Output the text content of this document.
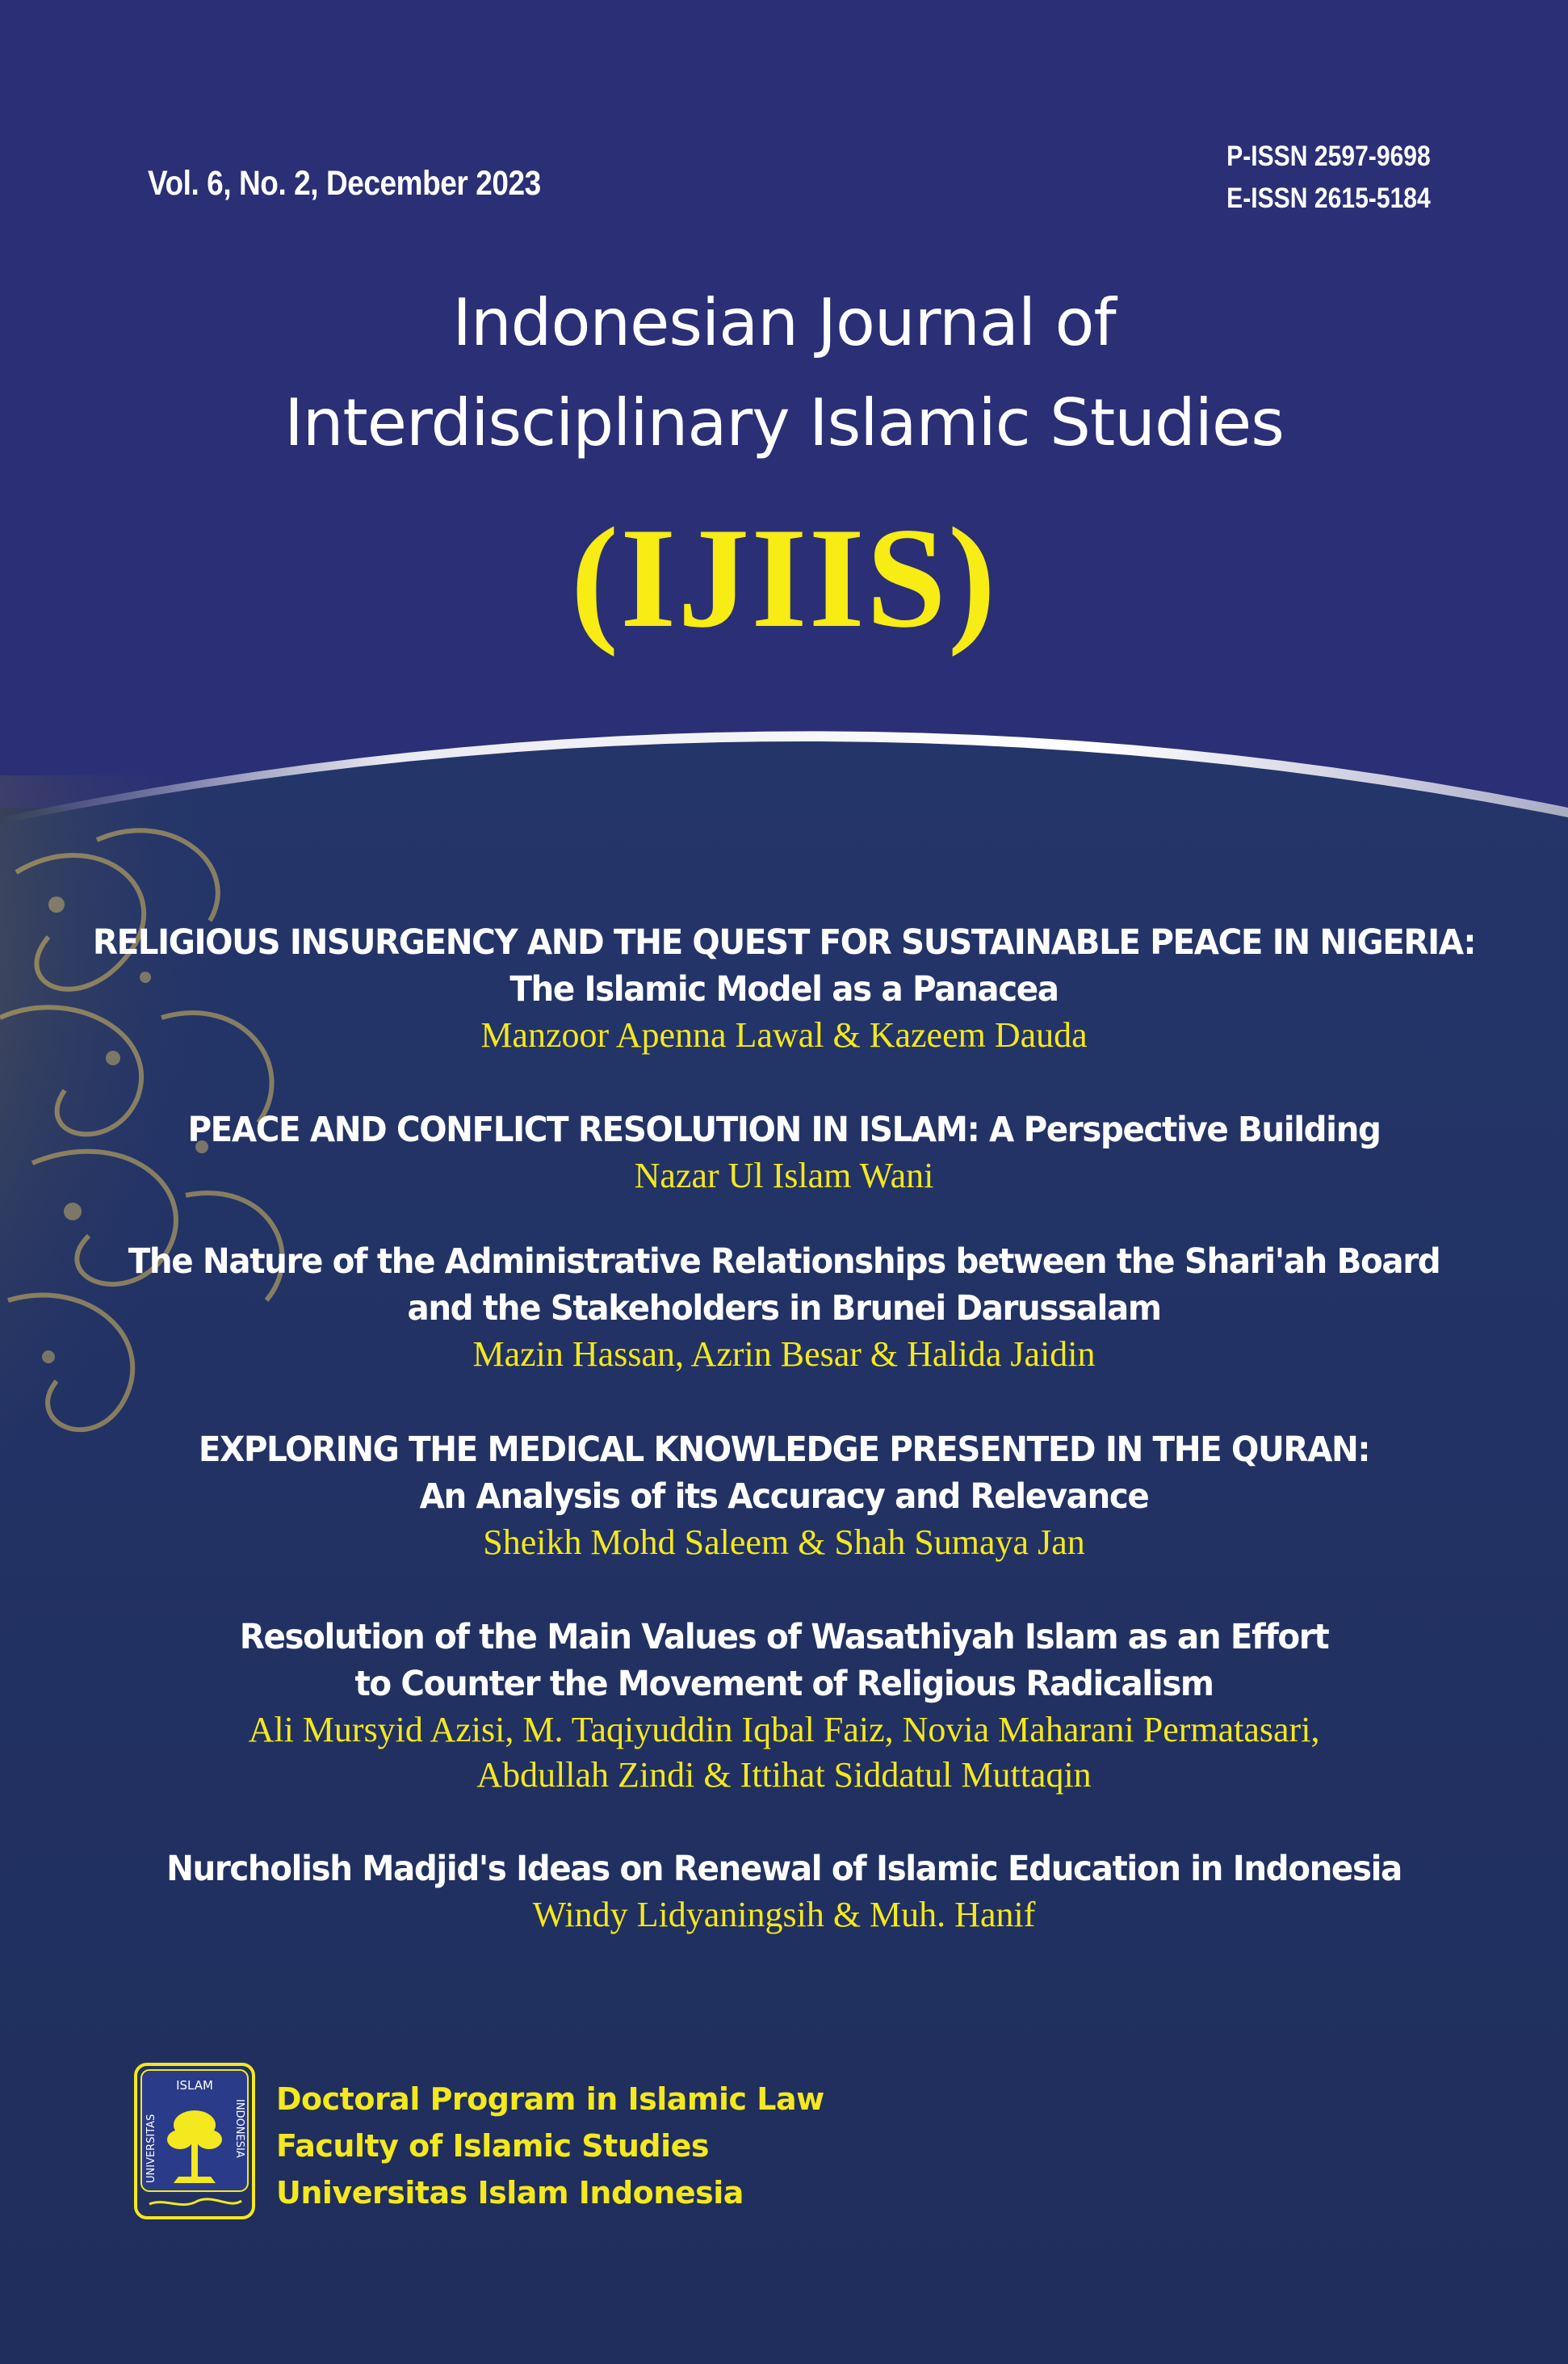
Vol. 6, No. 2, December 2023
P-ISSN 2597-9698
E-ISSN 2615-5184
Indonesian Journal of
Interdisciplinary Islamic Studies
(IJIIS)
RELIGIOUS INSURGENCY AND THE QUEST FOR SUSTAINABLE PEACE IN NIGERIA:
The Islamic Model as a Panacea
Manzoor Apenna Lawal & Kazeem Dauda
PEACE AND CONFLICT RESOLUTION IN ISLAM: A Perspective Building
Nazar Ul Islam Wani
The Nature of the Administrative Relationships between the Shari'ah Board
and the Stakeholders in Brunei Darussalam
Mazin Hassan, Azrin Besar & Halida Jaidin
EXPLORING THE MEDICAL KNOWLEDGE PRESENTED IN THE QURAN:
An Analysis of its Accuracy and Relevance
Sheikh Mohd Saleem & Shah Sumaya Jan
Resolution of the Main Values of Wasathiyah Islam as an Effort
to Counter the Movement of Religious Radicalism
Ali Mursyid Azisi, M. Taqiyuddin Iqbal Faiz, Novia Maharani Permatasari,
Abdullah Zindi & Ittihat Siddatul Muttaqin
Nurcholish Madjid's Ideas on Renewal of Islamic Education in Indonesia
Windy Lidyaningsih & Muh. Hanif
ISLAM
UNIVERSITAS	INDONESIA Doctoral Program in Islamic Law
Faculty of Islamic Studies
Universitas Islam Indonesia
